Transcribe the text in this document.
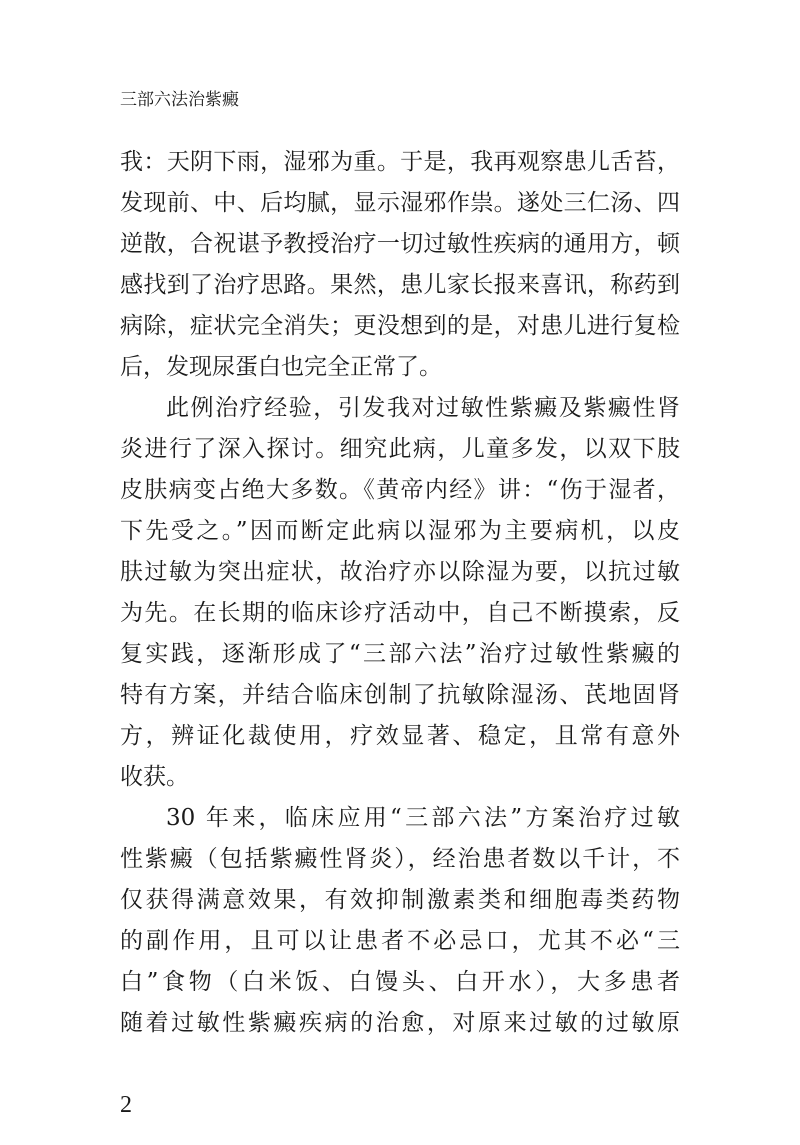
三部六法治紫癜
我：天阴下雨，湿邪为重。于是，我再观察患儿舌苔，
发现前、中、后均腻，显示湿邪作祟。遂处三仁汤、四
逆散，合祝谌予教授治疗一切过敏性疾病的通用方，顿
感找到了治疗思路。果然，患儿家长报来喜讯，称药到
病除，症状完全消失；更没想到的是，对患儿进行复检
后，发现尿蛋白也完全正常了。
此例治疗经验，引发我对过敏性紫癜及紫癜性肾
炎进行了深入探讨。细究此病，儿童多发，以双下肢
皮肤病变占绝大多数。《黄帝内经》讲：“伤于湿者，
下先受之。”因而断定此病以湿邪为主要病机，以皮
肤过敏为突出症状，故治疗亦以除湿为要，以抗过敏
为先。在长期的临床诊疗活动中，自己不断摸索，反
复实践，逐渐形成了“三部六法”治疗过敏性紫癜的
特有方案，并结合临床创制了抗敏除湿汤、芪地固肾
方，辨证化裁使用，疗效显著、稳定，且常有意外
收获。
30 年来，临床应用“三部六法”方案治疗过敏
性紫癜（包括紫癜性肾炎），经治患者数以千计，不
仅获得满意效果，有效抑制激素类和细胞毒类药物
的副作用，且可以让患者不必忌口，尤其不必“三
白”食物（白米饭、白馒头、白开水），大多患者
随着过敏性紫癜疾病的治愈，对原来过敏的过敏原
2
